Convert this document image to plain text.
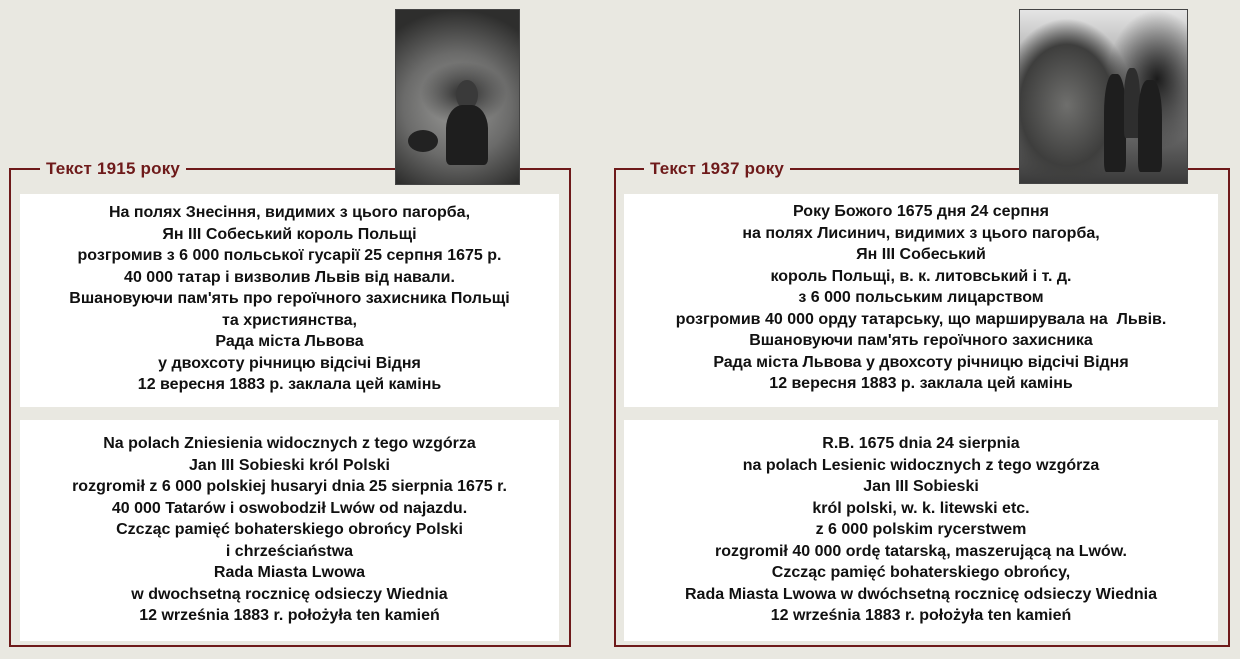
Текст 1915 року
На полях Знесіння, видимих з цього пагорба,
Ян ІІІ Собеський король Польщі
розгромив з 6 000 польської гусарії 25 серпня 1675 р.
40 000 татар і визволив Львів від навали.
Вшановуючи пам'ять про героїчного захисника Польщі
та християнства,
Рада міста Львова
у двохсоту річницю відсічі Відня
12 вересня 1883 р. заклала цей камінь
Na polach Zniesienia widocznych z tego wzgórza
Jan III Sobieski król Polski
rozgromił z 6 000 polskiej husaryi dnia 25 sierpnia 1675 r.
40 000 Tatarów i oswobodził Lwów od najazdu.
Czcząc pamięć bohaterskiego obrońcy Polski
i chrześciaństwa
Rada Miasta Lwowa
w dwochsetną rocznicę odsieczy Wiednia
12 września 1883 r. położyła ten kamień
Текст 1937 року
Року Божого 1675 дня 24 серпня
на полях Лисинич, видимих з цього пагорба,
Ян ІІІ Собеський
король Польщі, в. к. литовський і т. д.
з 6 000 польським лицарством
розгромив 40 000 орду татарську, що марширувала на  Львів.
Вшановуючи пам'ять героїчного захисника
Рада міста Львова у двохсоту річницю відсічі Відня
12 вересня 1883 р. заклала цей камінь
R.B. 1675 dnia 24 sierpnia
na polach Lesienic widocznych z tego wzgórza
Jan III Sobieski
król polski, w. k. litewski etc.
z 6 000 polskim rycerstwem
rozgromił 40 000 ordę tatarską, maszerującą na Lwów.
Czcząc pamięć bohaterskiego obrońcy,
Rada Miasta Lwowa w dwóchsetną rocznicę odsieczy Wiednia
12 września 1883 r. położyła ten kamień
